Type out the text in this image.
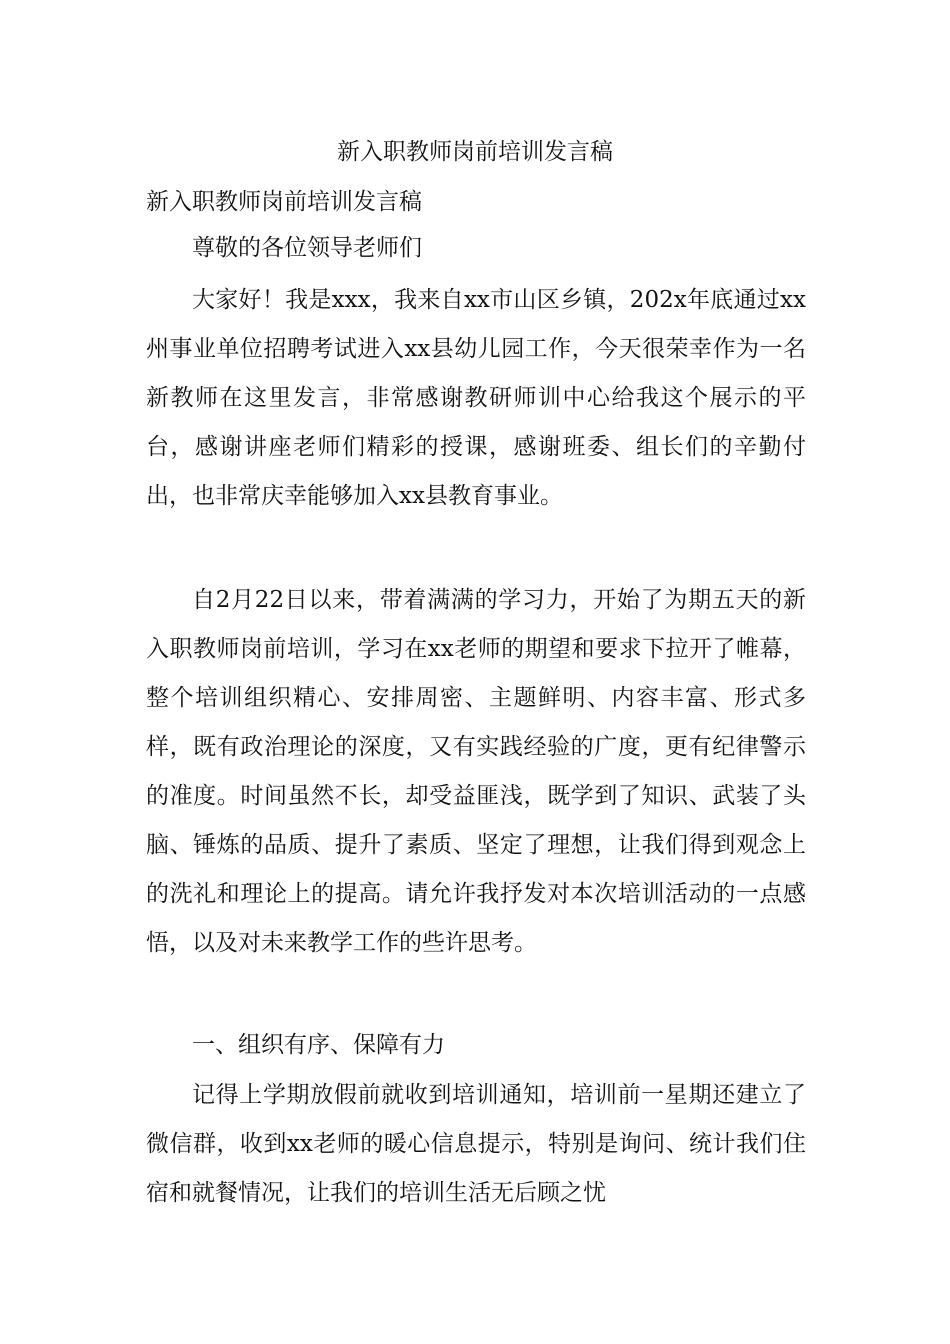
新入职教师岗前培训发言稿
新入职教师岗前培训发言稿

尊敬的各位领导老师们

大家好！我是xxx，我来自xx市山区乡镇，202x年底通过xx州事业单位招聘考试进入xx县幼儿园工作，今天很荣幸作为一名新教师在这里发言，非常感谢教研师训中心给我这个展示的平台，感谢讲座老师们精彩的授课，感谢班委、组长们的辛勤付出，也非常庆幸能够加入xx县教育事业。

自2月22日以来，带着满满的学习力，开始了为期五天的新入职教师岗前培训，学习在xx老师的期望和要求下拉开了帷幕，整个培训组织精心、安排周密、主题鲜明、内容丰富、形式多样，既有政治理论的深度，又有实践经验的广度，更有纪律警示的准度。时间虽然不长，却受益匪浅，既学到了知识、武装了头脑、锤炼的品质、提升了素质、坚定了理想，让我们得到观念上的洗礼和理论上的提高。请允许我抒发对本次培训活动的一点感悟，以及对未来教学工作的些许思考。

一、组织有序、保障有力

记得上学期放假前就收到培训通知，培训前一星期还建立了微信群，收到xx老师的暖心信息提示，特别是询问、统计我们住宿和就餐情况，让我们的培训生活无后顾之忧
